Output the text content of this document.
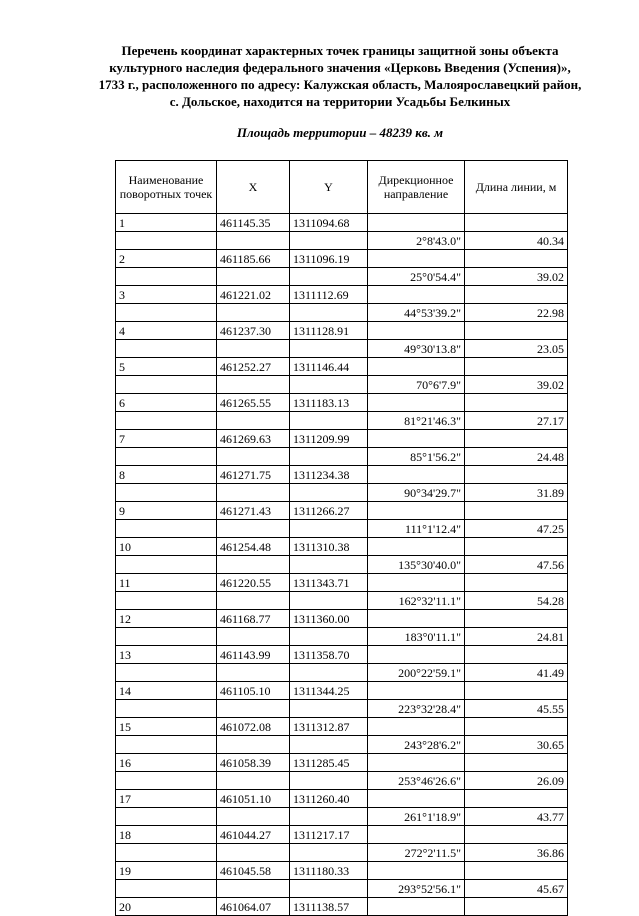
Перечень координат характерных точек границы защитной зоны объекта
культурного наследия федерального значения «Церковь Введения (Успения)»,
1733 г., расположенного по адресу: Калужская область, Малоярославецкий район,
с. Дольское, находится на территории Усадьбы Белкиных
Площадь территории – 48239 кв. м
Наименование поворотных точек	X	Y	Дирекционное направление	Длина линии, м
1	461145.35	1311094.68		
			2°8'43.0"	40.34
2	461185.66	1311096.19		
			25°0'54.4"	39.02
3	461221.02	1311112.69		
			44°53'39.2"	22.98
4	461237.30	1311128.91		
			49°30'13.8"	23.05
5	461252.27	1311146.44		
			70°6'7.9"	39.02
6	461265.55	1311183.13		
			81°21'46.3"	27.17
7	461269.63	1311209.99		
			85°1'56.2"	24.48
8	461271.75	1311234.38		
			90°34'29.7"	31.89
9	461271.43	1311266.27		
			111°1'12.4"	47.25
10	461254.48	1311310.38		
			135°30'40.0"	47.56
11	461220.55	1311343.71		
			162°32'11.1"	54.28
12	461168.77	1311360.00		
			183°0'11.1"	24.81
13	461143.99	1311358.70		
			200°22'59.1"	41.49
14	461105.10	1311344.25		
			223°32'28.4"	45.55
15	461072.08	1311312.87		
			243°28'6.2"	30.65
16	461058.39	1311285.45		
			253°46'26.6"	26.09
17	461051.10	1311260.40		
			261°1'18.9"	43.77
18	461044.27	1311217.17		
			272°2'11.5"	36.86
19	461045.58	1311180.33		
			293°52'56.1"	45.67
20	461064.07	1311138.57		
